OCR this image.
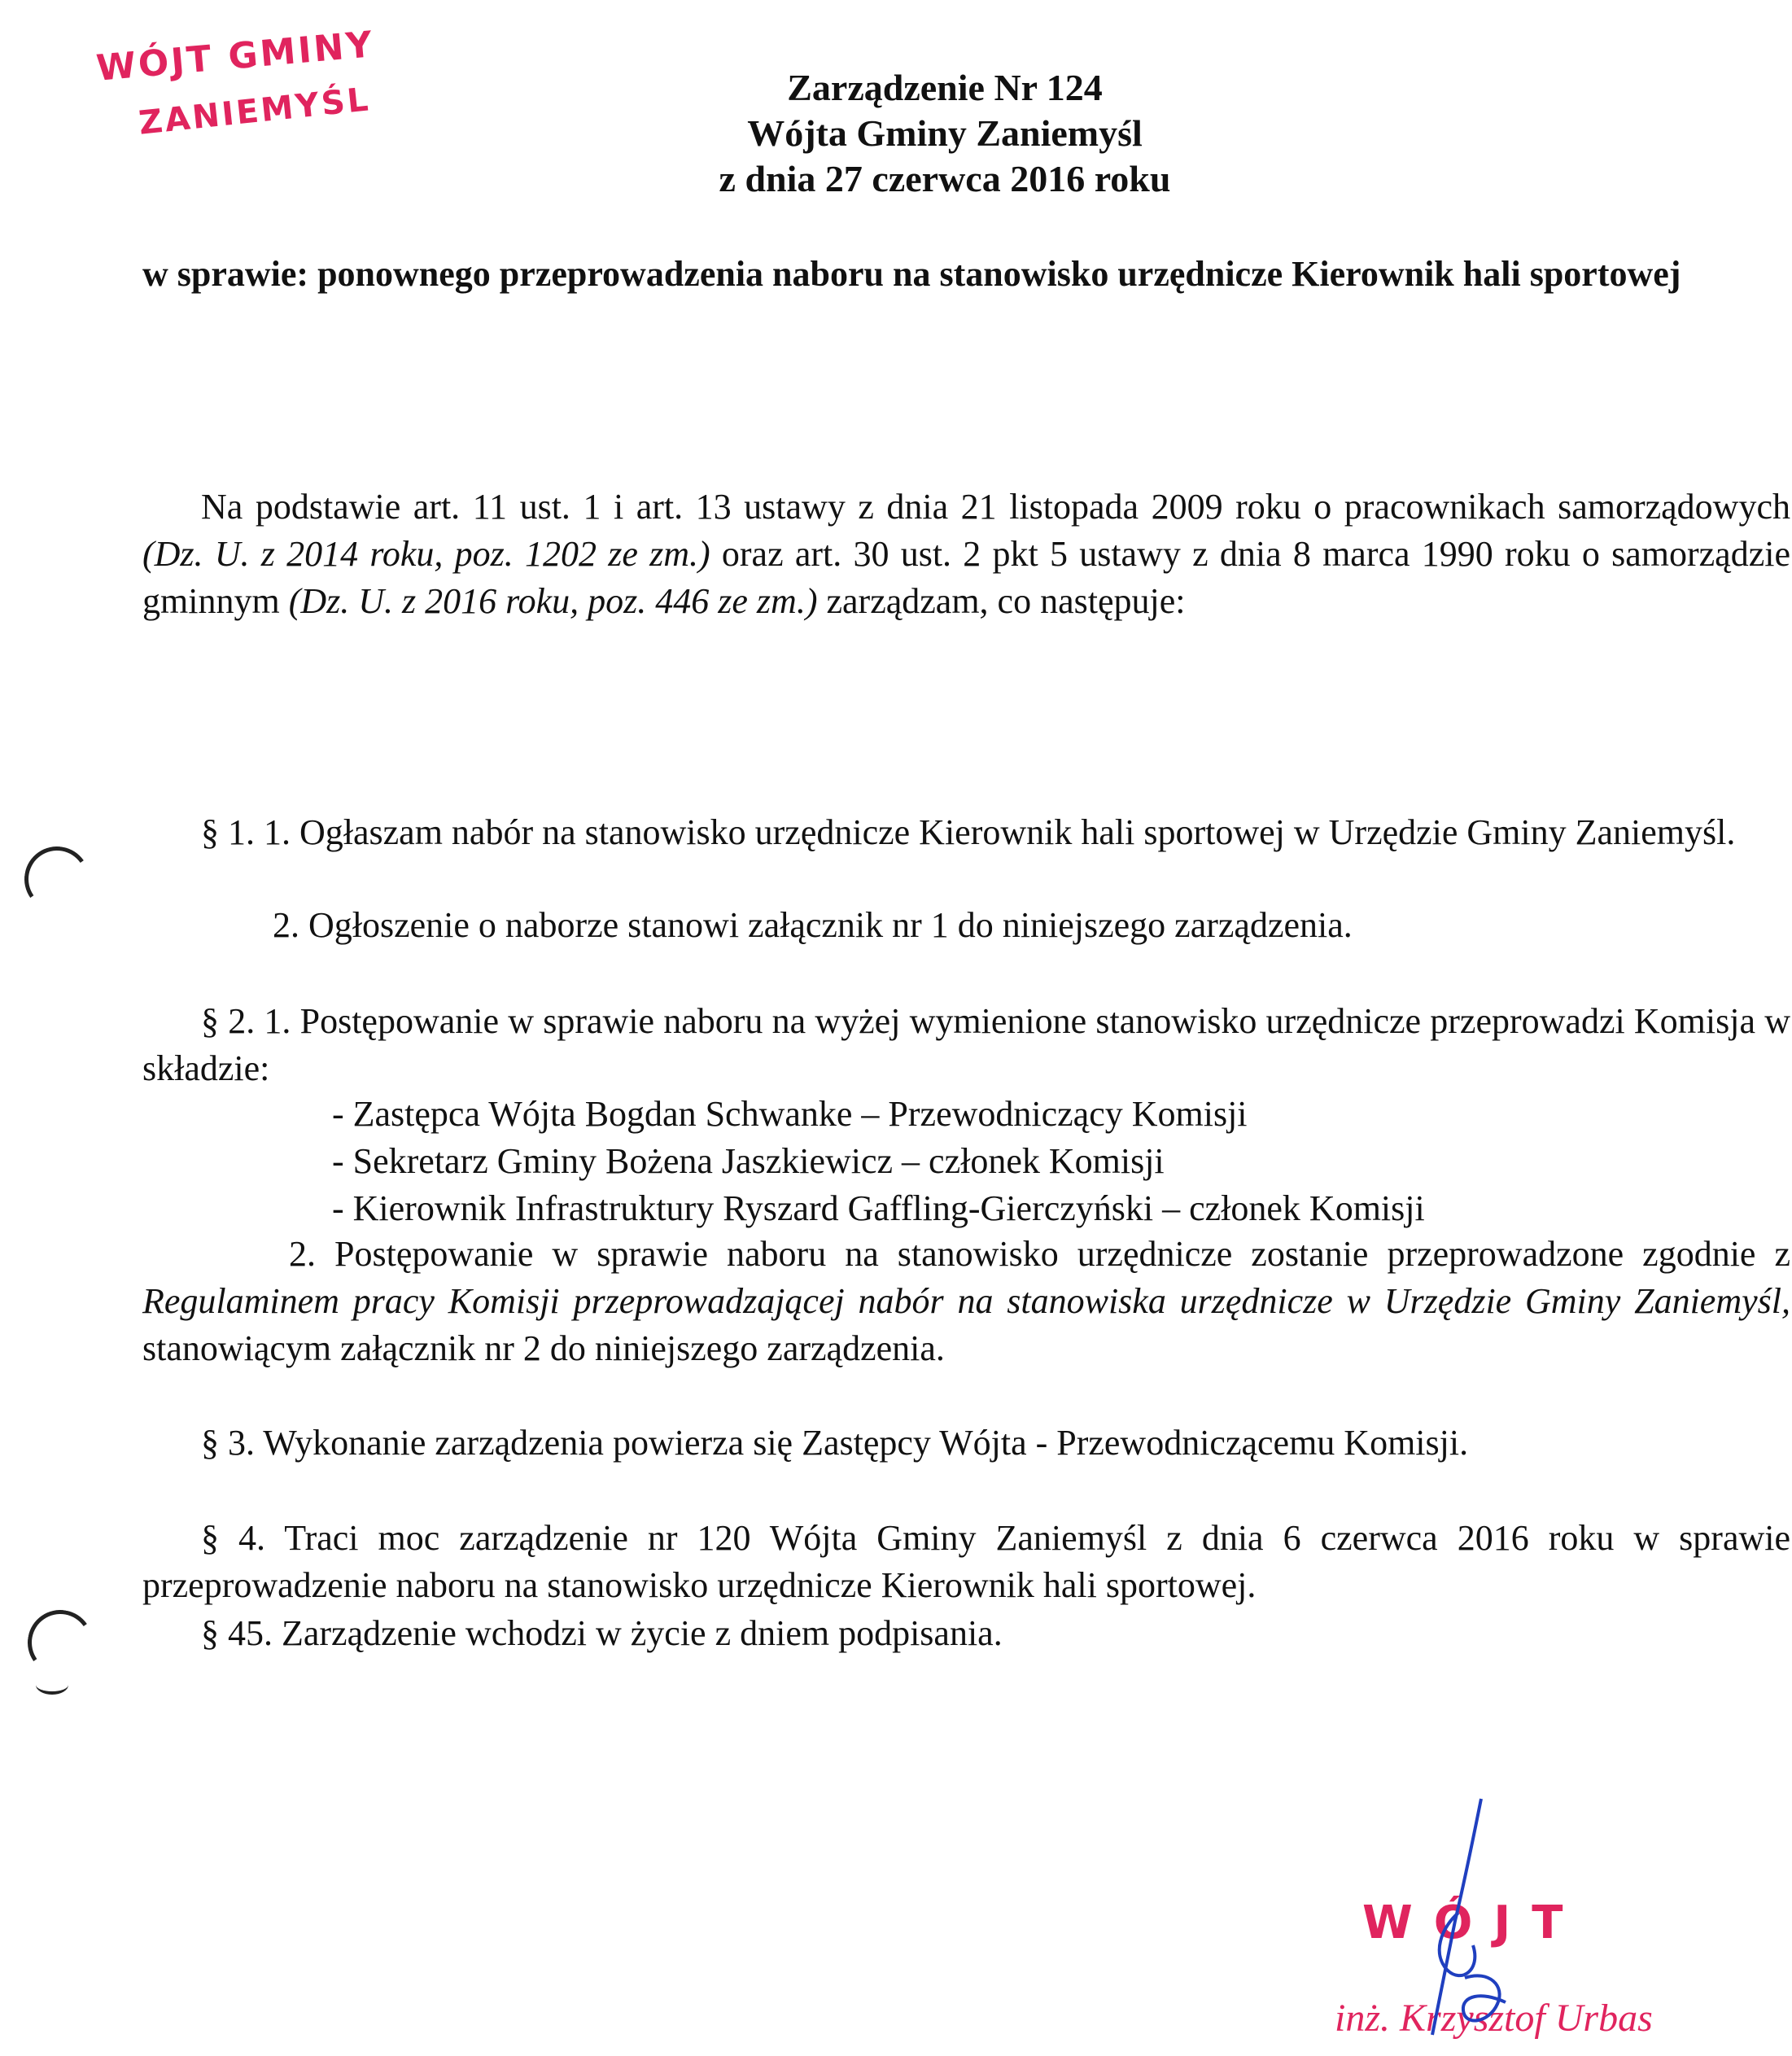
WÓJT GMINY
ZANIEMYŚL	Zarządzenie Nr 124
Wójta Gminy Zaniemyśl
z dnia 27 czerwca 2016 roku
w sprawie: ponownego przeprowadzenia naboru na stanowisko urzędnicze Kierownik hali sportowej
Na podstawie art. 11 ust. 1 i art. 13 ustawy z dnia 21 listopada 2009 roku o pracownikach samorządowych (Dz. U. z 2014 roku, poz. 1202 ze zm.) oraz art. 30 ust. 2 pkt 5 ustawy z dnia 8 marca 1990 roku o samorządzie gminnym (Dz. U. z 2016 roku, poz. 446 ze zm.) zarządzam, co następuje:
§ 1. 1. Ogłaszam nabór na stanowisko urzędnicze Kierownik hali sportowej w Urzędzie Gminy Zaniemyśl.
2. Ogłoszenie o naborze stanowi załącznik nr 1 do niniejszego zarządzenia.
§ 2. 1. Postępowanie w sprawie naboru na wyżej wymienione stanowisko urzędnicze przeprowadzi Komisja w składzie:
- Zastępca Wójta Bogdan Schwanke – Przewodniczący Komisji
- Sekretarz Gminy Bożena Jaszkiewicz – członek Komisji
- Kierownik Infrastruktury Ryszard Gaffling-Gierczyński – członek Komisji
2. Postępowanie w sprawie naboru na stanowisko urzędnicze zostanie przeprowadzone zgodnie z Regulaminem pracy Komisji przeprowadzającej nabór na stanowiska urzędnicze w Urzędzie Gminy Zaniemyśl, stanowiącym załącznik nr 2 do niniejszego zarządzenia.
§ 3. Wykonanie zarządzenia powierza się Zastępcy Wójta - Przewodniczącemu Komisji.
§ 4. Traci moc zarządzenie nr 120 Wójta Gminy Zaniemyśl z dnia 6 czerwca 2016 roku w sprawie przeprowadzenie naboru na stanowisko urzędnicze Kierownik hali sportowej.
§ 45. Zarządzenie wchodzi w życie z dniem podpisania.
WÓJT
inż. Krzysztof Urbas
